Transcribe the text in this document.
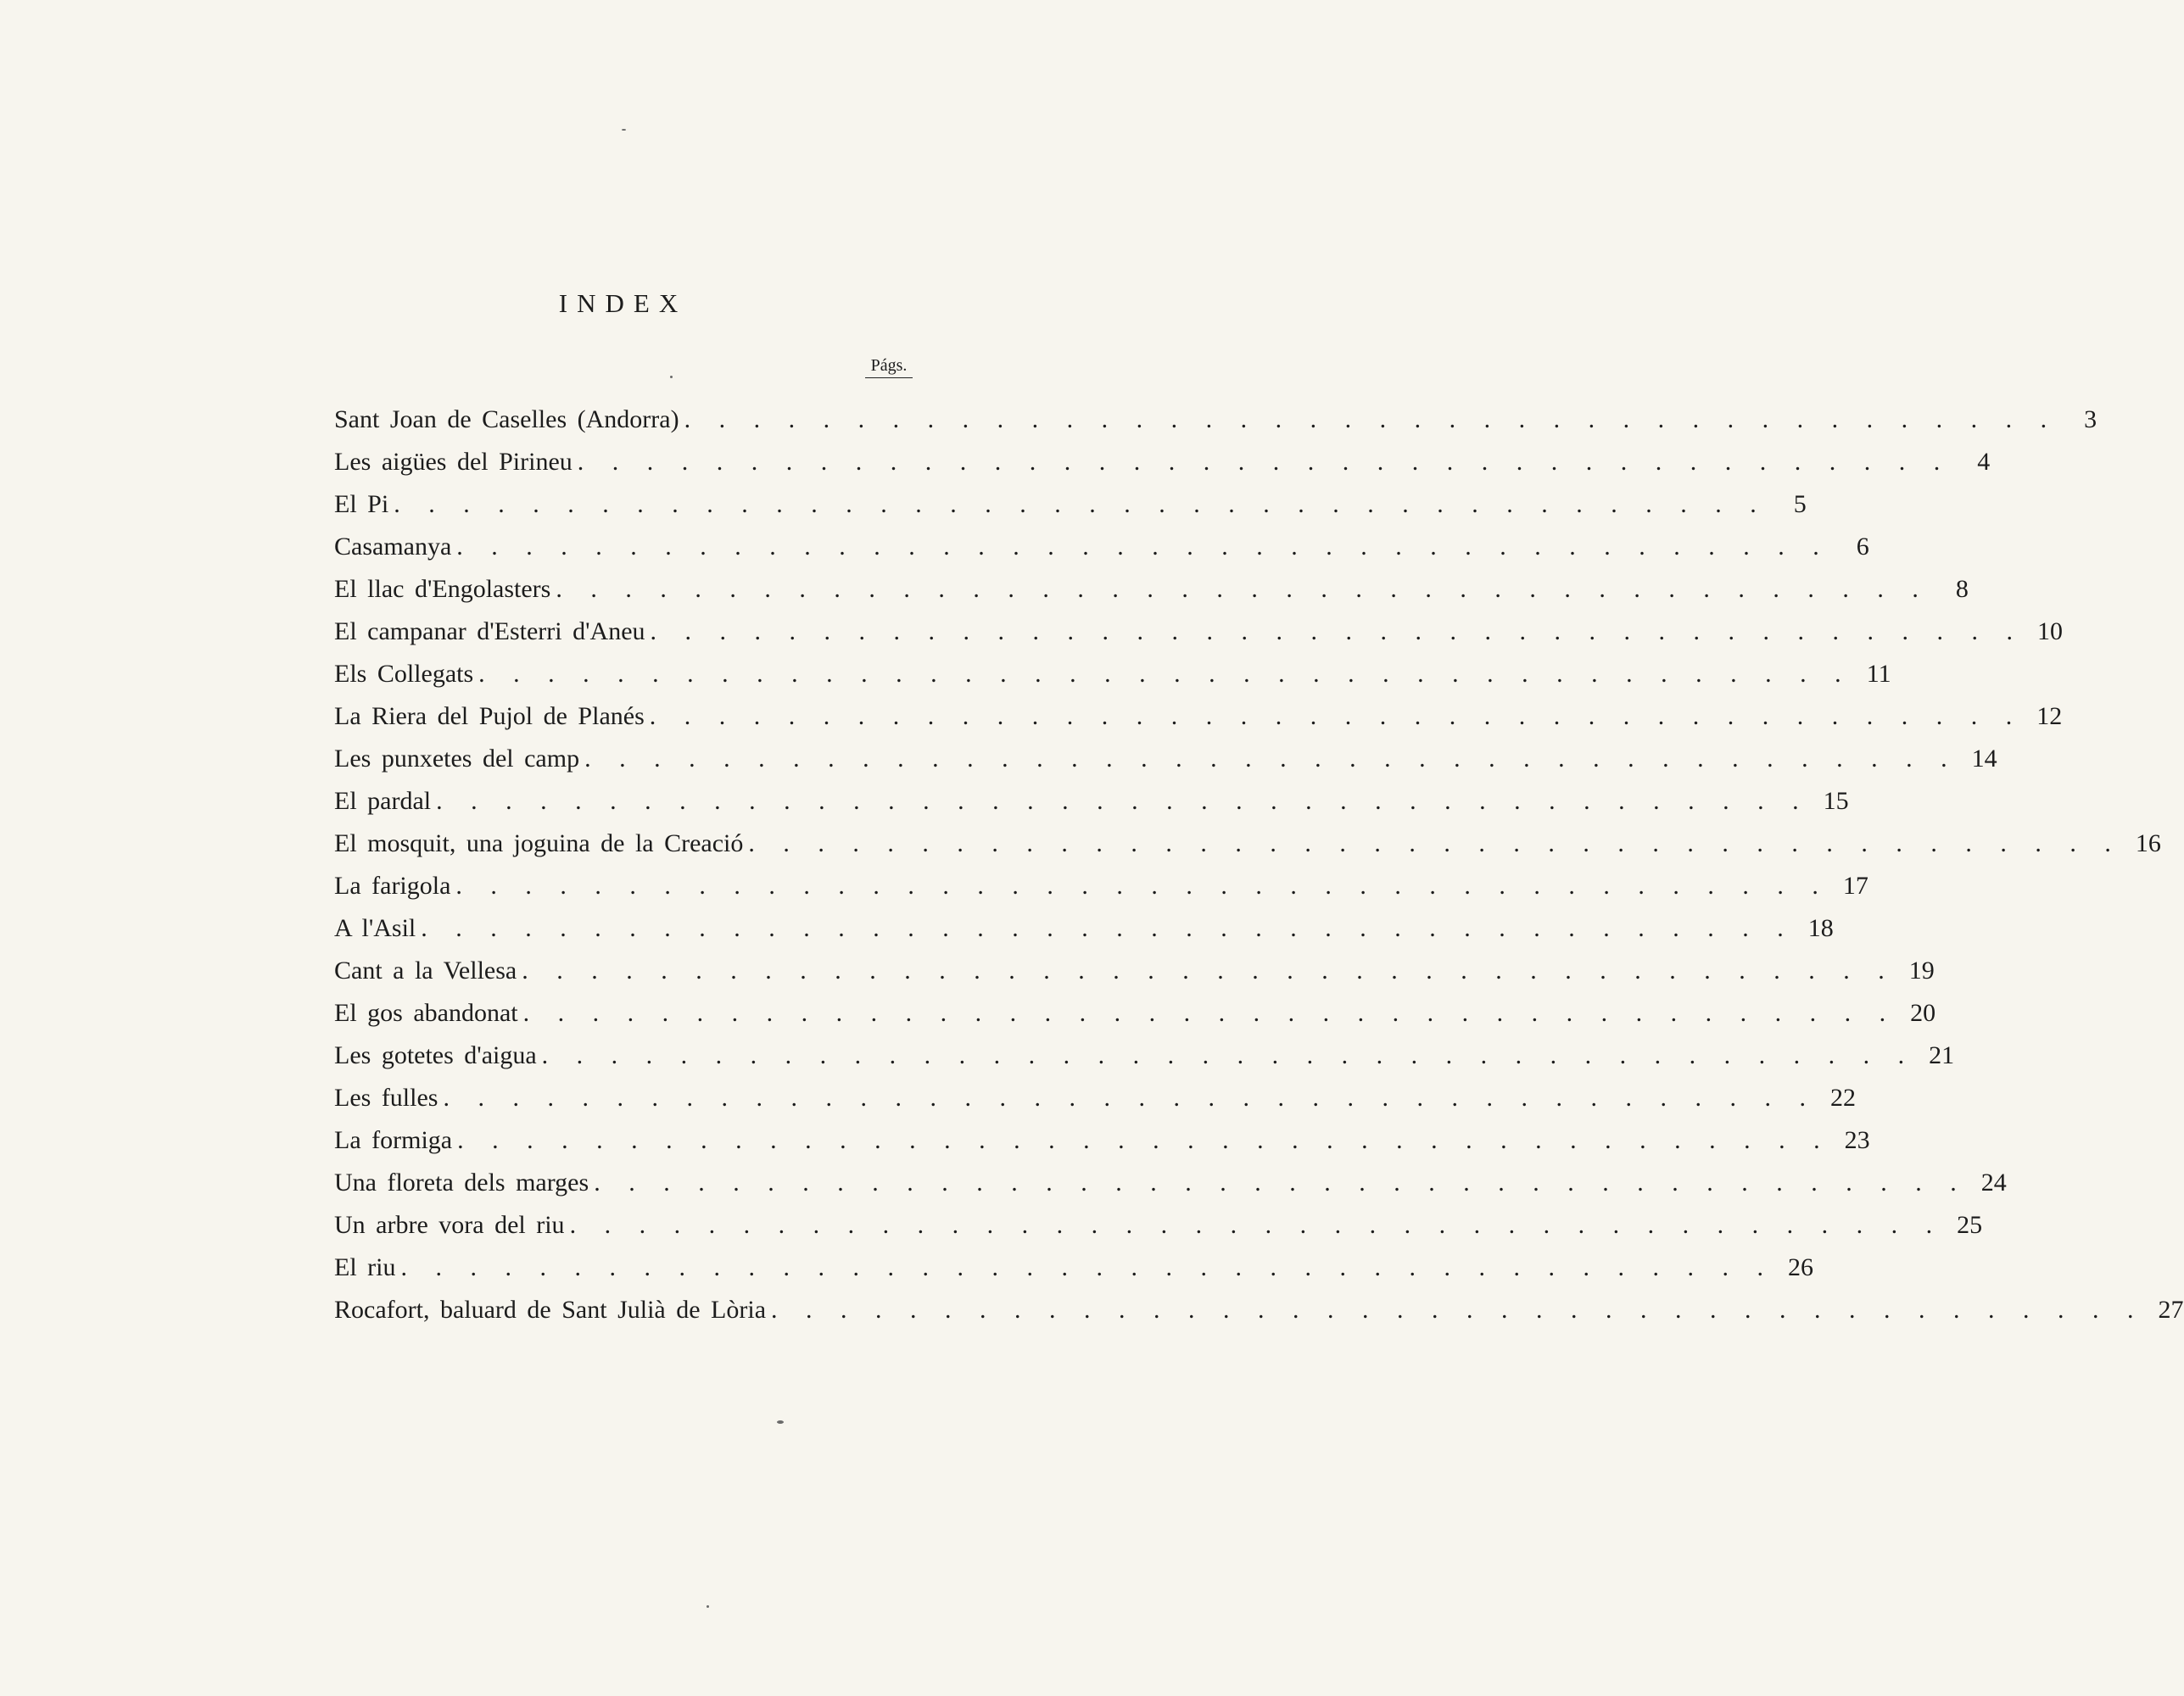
INDEX
Págs.
Sant Joan de Caselles (Andorra) . . . . . . . . . . . . . . . . . . . . . . . . . . . . . . . . . . . . . . . .	3
Les aigües del Pirineu . . . . . . . . . . . . . . . . . . . . . . . . . . . . . . . . . . . . . . . .	4
El Pi . . . . . . . . . . . . . . . . . . . . . . . . . . . . . . . . . . . . . . . .	5
Casamanya . . . . . . . . . . . . . . . . . . . . . . . . . . . . . . . . . . . . . . . .	6
El llac d'Engolasters . . . . . . . . . . . . . . . . . . . . . . . . . . . . . . . . . . . . . . . .	8
El campanar d'Esterri d'Aneu . . . . . . . . . . . . . . . . . . . . . . . . . . . . . . . . . . . . . . . . 10
Els Collegats . . . . . . . . . . . . . . . . . . . . . . . . . . . . . . . . . . . . . . . . 11
La Riera del Pujol de Planés . . . . . . . . . . . . . . . . . . . . . . . . . . . . . . . . . . . . . . . . 12
Les punxetes del camp . . . . . . . . . . . . . . . . . . . . . . . . . . . . . . . . . . . . . . . . 14
El pardal . . . . . . . . . . . . . . . . . . . . . . . . . . . . . . . . . . . . . . . . 15
El mosquit, una joguina de la Creació . . . . . . . . . . . . . . . . . . . . . . . . . . . . . . . . . . . . . . . . 16
La farigola . . . . . . . . . . . . . . . . . . . . . . . . . . . . . . . . . . . . . . . . 17
A l'Asil . . . . . . . . . . . . . . . . . . . . . . . . . . . . . . . . . . . . . . . . 18
Cant a la Vellesa . . . . . . . . . . . . . . . . . . . . . . . . . . . . . . . . . . . . . . . . 19
El gos abandonat . . . . . . . . . . . . . . . . . . . . . . . . . . . . . . . . . . . . . . . . 20
Les gotetes d'aigua . . . . . . . . . . . . . . . . . . . . . . . . . . . . . . . . . . . . . . . . 21
Les fulles . . . . . . . . . . . . . . . . . . . . . . . . . . . . . . . . . . . . . . . . 22
La formiga . . . . . . . . . . . . . . . . . . . . . . . . . . . . . . . . . . . . . . . . 23
Una floreta dels marges . . . . . . . . . . . . . . . . . . . . . . . . . . . . . . . . . . . . . . . . 24
Un arbre vora del riu . . . . . . . . . . . . . . . . . . . . . . . . . . . . . . . . . . . . . . . . 25
El riu . . . . . . . . . . . . . . . . . . . . . . . . . . . . . . . . . . . . . . . . 26
Rocafort, baluard de Sant Julià de Lòria . . . . . . . . . . . . . . . . . . . . . . . . . . . . . . . . . . . . . . . . 27
